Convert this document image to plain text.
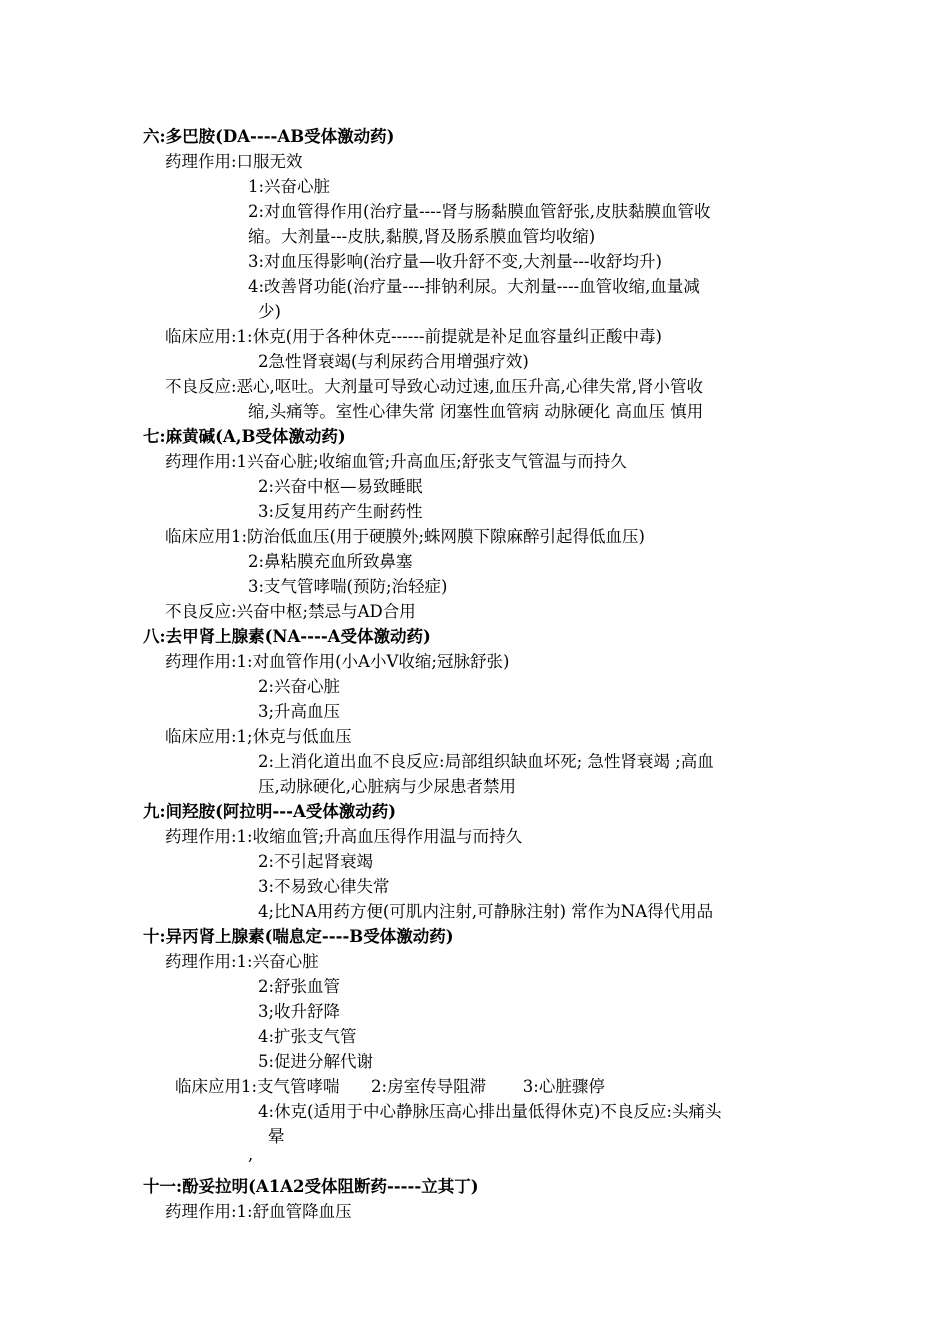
六:多巴胺(DA----AB受体激动药)
药理作用:口服无效
1:兴奋心脏
2:对血管得作用(治疗量----肾与肠黏膜血管舒张,皮肤黏膜血管收
缩。大剂量---皮肤,黏膜,肾及肠系膜血管均收缩)
3:对血压得影响(治疗量—收升舒不变,大剂量---收舒均升)
4:改善肾功能(治疗量----排钠利尿。大剂量----血管收缩,血量减
少)
临床应用:1:休克(用于各种休克------前提就是补足血容量纠正酸中毒)
2急性肾衰竭(与利尿药合用增强疗效)
不良反应:恶心,呕吐。大剂量可导致心动过速,血压升高,心律失常,肾小管收
缩,头痛等。室性心律失常 闭塞性血管病 动脉硬化 高血压 慎用
七:麻黄碱(A,B受体激动药)
药理作用:1兴奋心脏;收缩血管;升高血压;舒张支气管温与而持久
2:兴奋中枢—易致睡眠
3:反复用药产生耐药性
临床应用1:防治低血压(用于硬膜外;蛛网膜下隙麻醉引起得低血压)
2:鼻粘膜充血所致鼻塞
3:支气管哮喘(预防;治轻症)
不良反应:兴奋中枢;禁忌与AD合用
八:去甲肾上腺素(NA----A受体激动药)
药理作用:1:对血管作用(小A小V收缩;冠脉舒张)
2:兴奋心脏
3;升高血压
临床应用:1;休克与低血压
2:上消化道出血不良反应:局部组织缺血坏死; 急性肾衰竭 ;高血
压,动脉硬化,心脏病与少尿患者禁用
九:间羟胺(阿拉明---A受体激动药)
药理作用:1:收缩血管;升高血压得作用温与而持久
2:不引起肾衰竭
3:不易致心律失常
4;比NA用药方便(可肌内注射,可静脉注射) 常作为NA得代用品
十:异丙肾上腺素(喘息定----B受体激动药)
药理作用:1:兴奋心脏
2:舒张血管
3;收升舒降
4:扩张支气管
5:促进分解代谢
临床应用1:支气管哮喘      2:房室传导阻滞       3:心脏骤停
4:休克(适用于中心静脉压高心排出量低得休克)不良反应:头痛头
晕
,
十一:酚妥拉明(A1A2受体阻断药-----立其丁)
药理作用:1:舒血管降血压
